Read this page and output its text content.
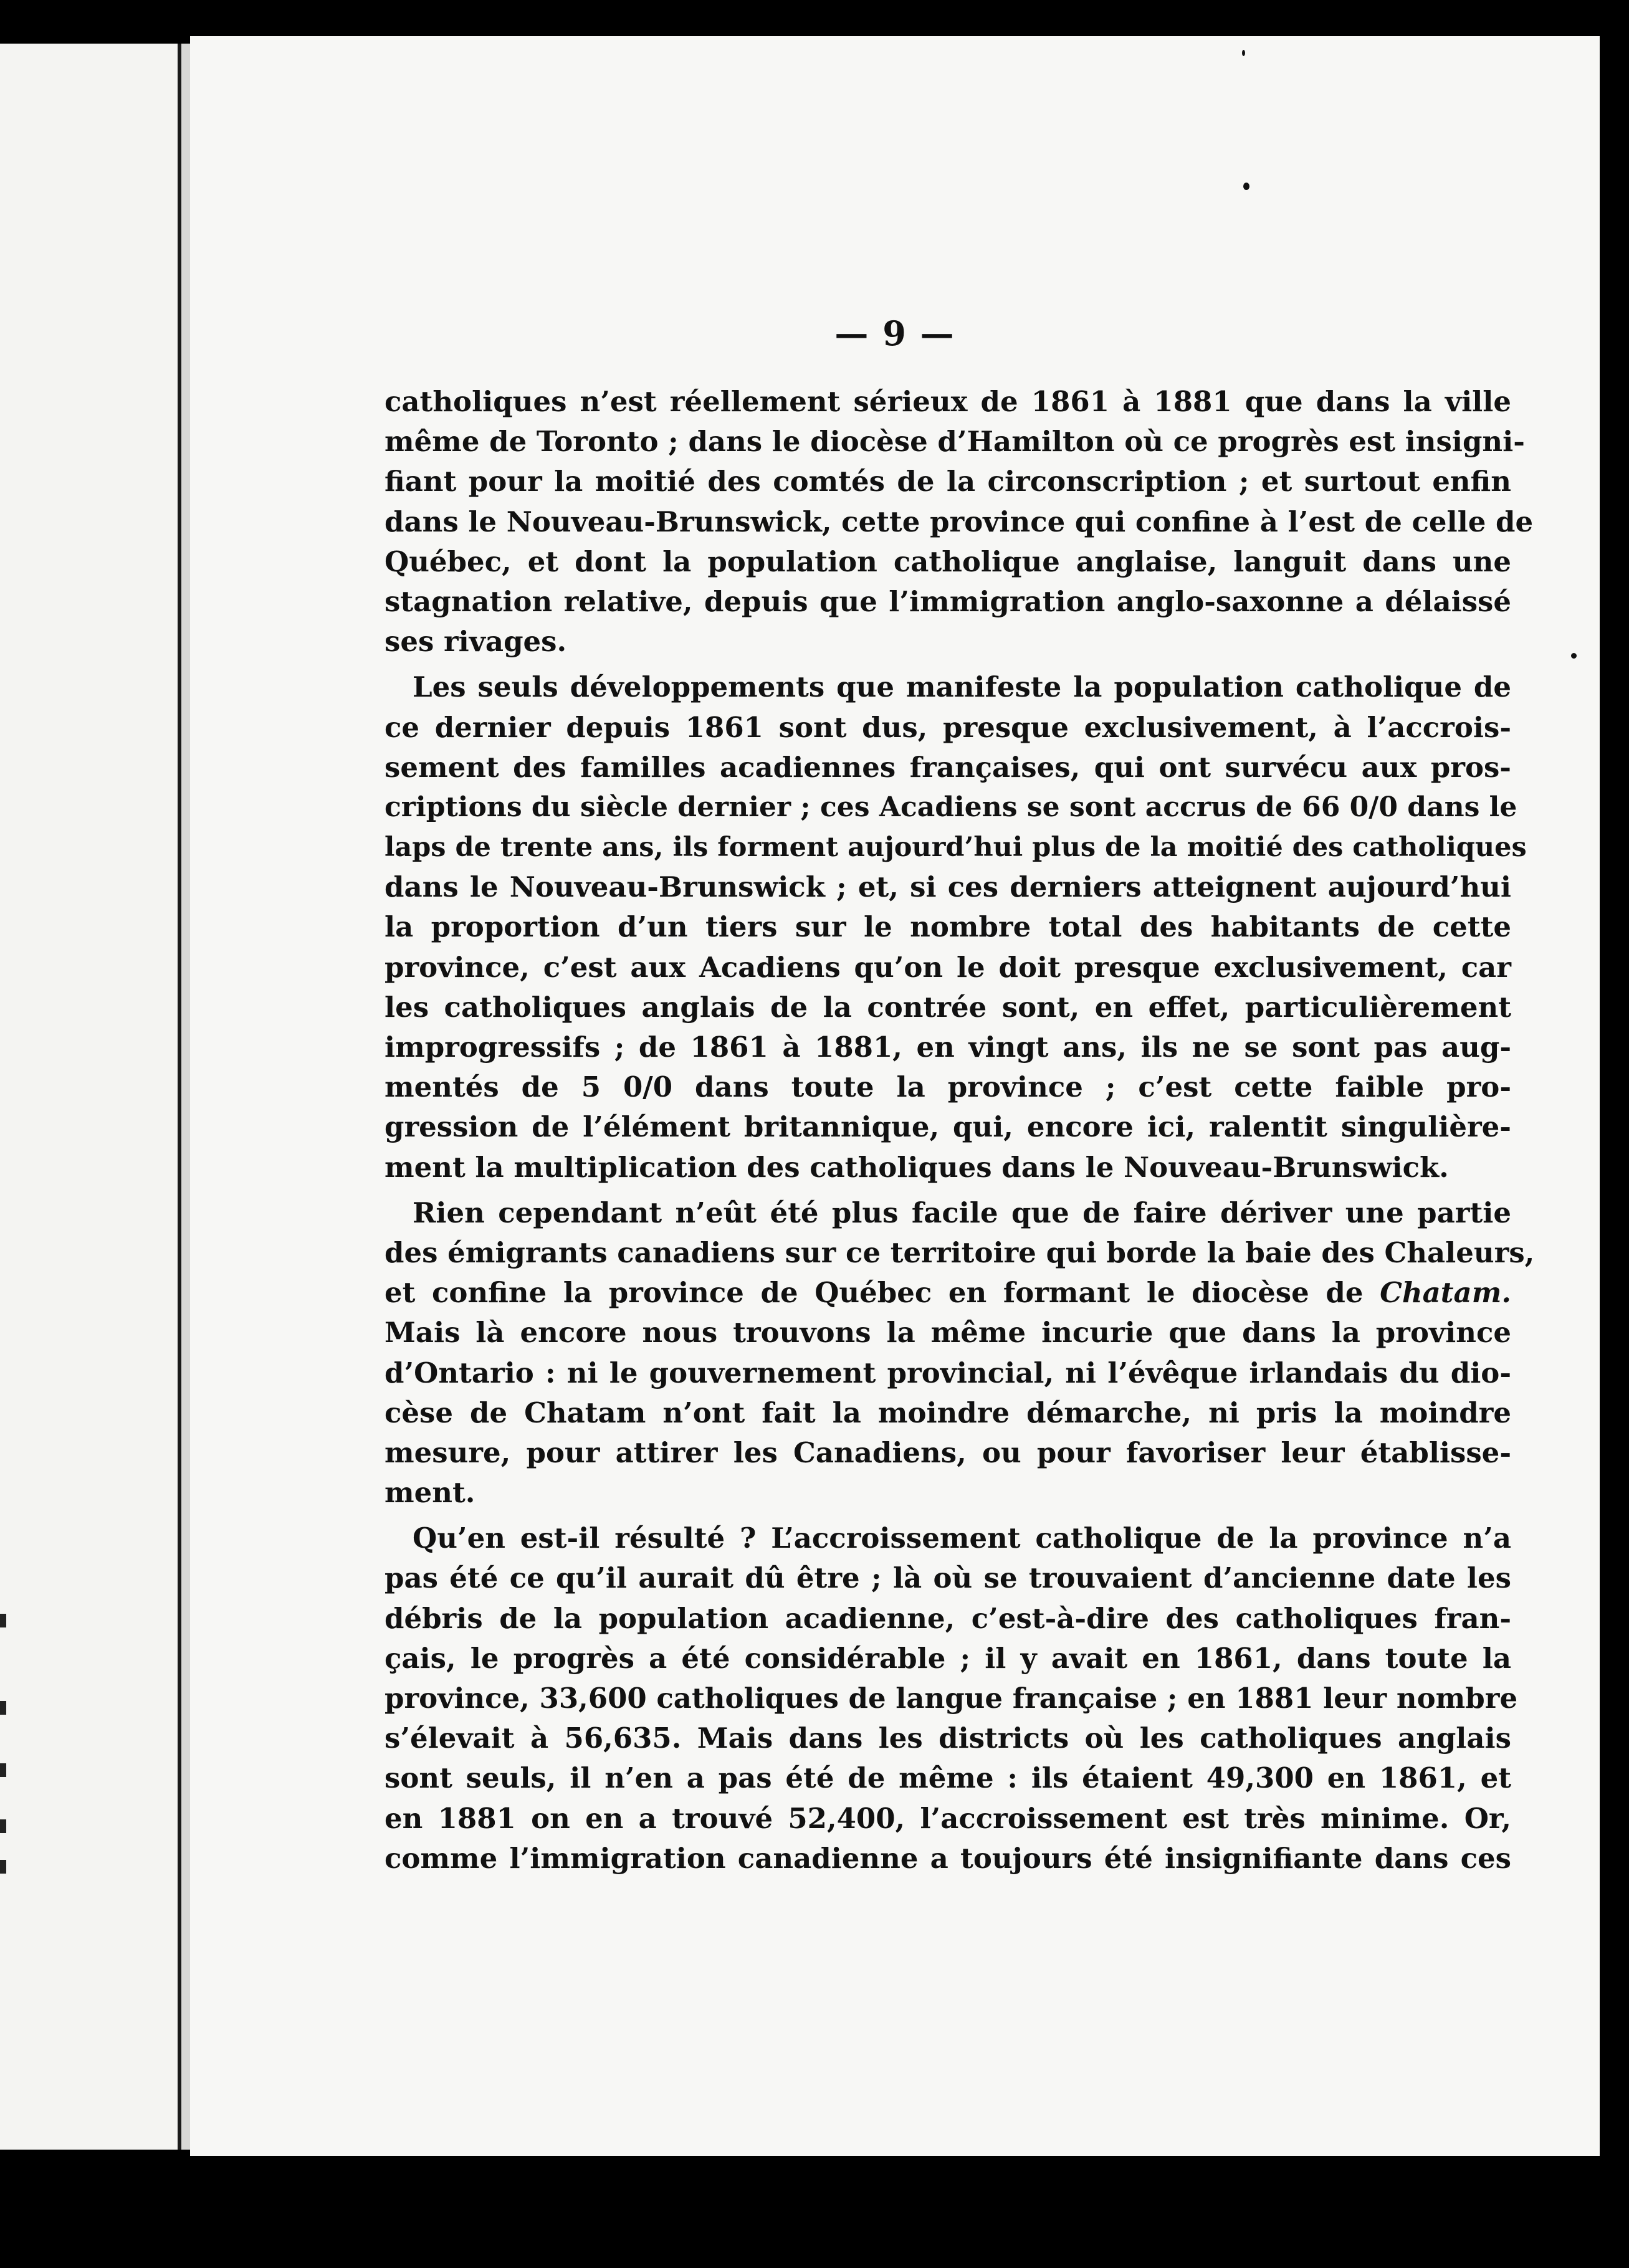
— 9 —
catholiques n’est réellement sérieux de 1861 à 1881 que dans la ville
même de Toronto ; dans le diocèse d’Hamilton où ce progrès est insigni-
fiant pour la moitié des comtés de la circonscription ; et surtout enfin
dans le Nouveau-Brunswick, cette province qui confine à l’est de celle de
Québec, et dont la population catholique anglaise, languit dans une
stagnation relative, depuis que l’immigration anglo-saxonne a délaissé
ses rivages.
Les seuls développements que manifeste la population catholique de
ce dernier depuis 1861 sont dus, presque exclusivement, à l’accrois-
sement des familles acadiennes françaises, qui ont survécu aux pros-
criptions du siècle dernier ; ces Acadiens se sont accrus de 66 0/0 dans le
laps de trente ans, ils forment aujourd’hui plus de la moitié des catholiques
dans le Nouveau-Brunswick ; et, si ces derniers atteignent aujourd’hui
la proportion d’un tiers sur le nombre total des habitants de cette
province, c’est aux Acadiens qu’on le doit presque exclusivement, car
les catholiques anglais de la contrée sont, en effet, particulièrement
improgressifs ; de 1861 à 1881, en vingt ans, ils ne se sont pas aug-
mentés de 5 0/0 dans toute la province ; c’est cette faible pro-
gression de l’élément britannique, qui, encore ici, ralentit singulière-
ment la multiplication des catholiques dans le Nouveau-Brunswick.
Rien cependant n’eût été plus facile que de faire dériver une partie
des émigrants canadiens sur ce territoire qui borde la baie des Chaleurs,
et confine la province de Québec en formant le diocèse de Chatam.
Mais là encore nous trouvons la même incurie que dans la province
d’Ontario : ni le gouvernement provincial, ni l’évêque irlandais du dio-
cèse de Chatam n’ont fait la moindre démarche, ni pris la moindre
mesure, pour attirer les Canadiens, ou pour favoriser leur établisse-
ment.
Qu’en est-il résulté ? L’accroissement catholique de la province n’a
pas été ce qu’il aurait dû être ; là où se trouvaient d’ancienne date les
débris de la population acadienne, c’est-à-dire des catholiques fran-
çais, le progrès a été considérable ; il y avait en 1861, dans toute la
province, 33,600 catholiques de langue française ; en 1881 leur nombre
s’élevait à 56,635. Mais dans les districts où les catholiques anglais
sont seuls, il n’en a pas été de même : ils étaient 49,300 en 1861, et
en 1881 on en a trouvé 52,400, l’accroissement est très minime. Or,
comme l’immigration canadienne a toujours été insignifiante dans ces
